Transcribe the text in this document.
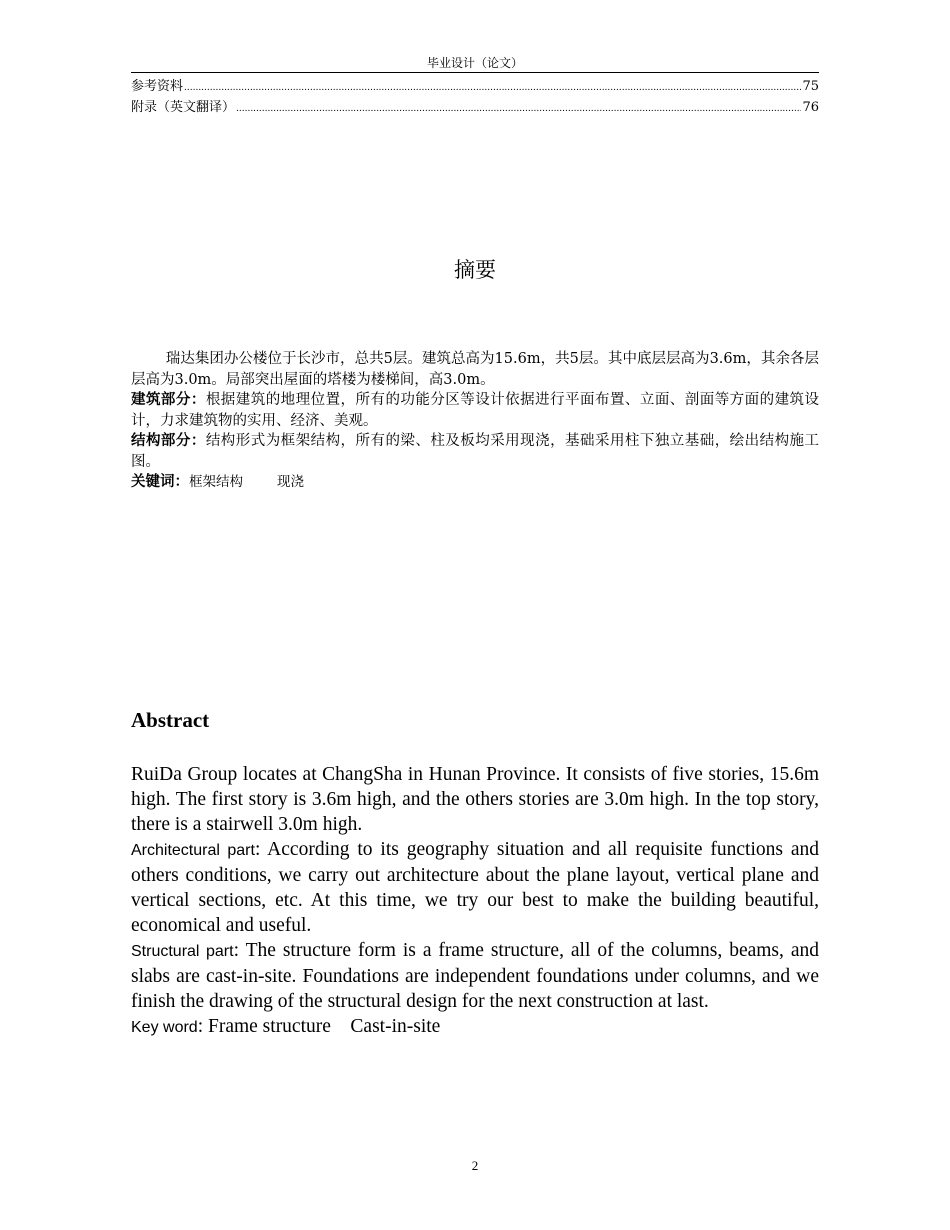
毕业设计（论文）
参考资料 .....	75
附录（英文翻译） .....	76
摘要

瑞达集团办公楼位于长沙市，总共5层。建筑总高为15.6m，共5层。其中底层层高为3.6m，其余各层层高为3.0m。局部突出屋面的塔楼为楼梯间，高3.0m。

建筑部分：根据建筑的地理位置，所有的功能分区等设计依据进行平面布置、立面、剖面等方面的建筑设计，力求建筑物的实用、经济、美观。

结构部分：结构形式为框架结构，所有的梁、柱及板均采用现浇，基础采用柱下独立基础，绘出结构施工图。

关键词：框架结构	现浇

Abstract

RuiDa Group locates at ChangSha in Hunan Province. It consists of five stories, 15.6m high. The first story is 3.6m high, and the others stories are 3.0m high. In the top story, there is a stairwell 3.0m high.

Architectural part: According to its geography situation and all requisite functions and others conditions, we carry out architecture about the plane layout, vertical plane and vertical sections, etc. At this time, we try our best to make the building beautiful, economical and useful.

Structural part: The structure form is a frame structure, all of the columns, beams, and slabs are cast-in-site. Foundations are independent foundations under columns, and we finish the drawing of the structural design for the next construction at last.

Key word: Frame structure    Cast-in-site

2
